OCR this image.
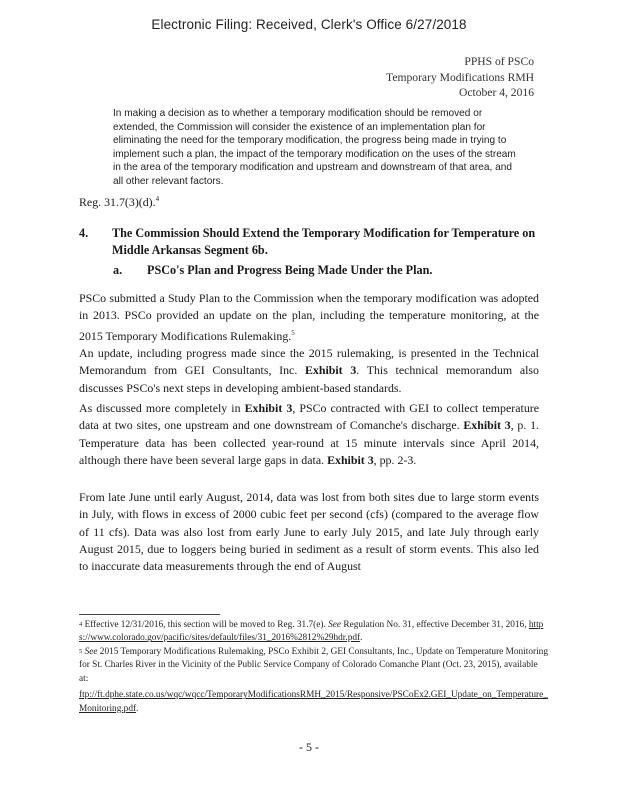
Electronic Filing: Received, Clerk's Office 6/27/2018
PPHS of PSCo
Temporary Modifications RMH
October 4, 2016
In making a decision as to whether a temporary modification should be removed or extended, the Commission will consider the existence of an implementation plan for eliminating the need for the temporary modification, the progress being made in trying to implement such a plan, the impact of the temporary modification on the uses of the stream in the area of the temporary modification and upstream and downstream of that area, and all other relevant factors.
Reg. 31.7(3)(d).$^4$
4. The Commission Should Extend the Temporary Modification for Temperature on Middle Arkansas Segment 6b.
a. PSCo's Plan and Progress Being Made Under the Plan.
PSCo submitted a Study Plan to the Commission when the temporary modification was adopted in 2013. PSCo provided an update on the plan, including the temperature monitoring, at the 2015 Temporary Modifications Rulemaking.$^5$
An update, including progress made since the 2015 rulemaking, is presented in the Technical Memorandum from GEI Consultants, Inc. Exhibit 3. This technical memorandum also discusses PSCo's next steps in developing ambient-based standards.
As discussed more completely in Exhibit 3, PSCo contracted with GEI to collect temperature data at two sites, one upstream and one downstream of Comanche's discharge. Exhibit 3, p. 1. Temperature data has been collected year-round at 15 minute intervals since April 2014, although there have been several large gaps in data. Exhibit 3, pp. 2-3.
From late June until early August, 2014, data was lost from both sites due to large storm events in July, with flows in excess of 2000 cubic feet per second (cfs) (compared to the average flow of 11 cfs). Data was also lost from early June to early July 2015, and late July through early August 2015, due to loggers being buried in sediment as a result of storm events. This also led to inaccurate data measurements through the end of August
$^4$ Effective 12/31/2016, this section will be moved to Reg. 31.7(e). See Regulation No. 31, effective December 31, 2016, https://www.colorado.gov/pacific/sites/default/files/31_2016%2812%29hdr.pdf.
$^5$ See 2015 Temporary Modifications Rulemaking, PSCo Exhibit 2, GEI Consultants, Inc., Update on Temperature Monitoring for St. Charles River in the Vicinity of the Public Service Company of Colorado Comanche Plant (Oct. 23, 2015), available at:
ftp://ft.dphe.state.co.us/wqc/wqcc/TemporaryModificationsRMH_2015/Responsive/PSCoEx2.GEI_Update_on_Temperature_Monitoring.pdf.
- 5 -
